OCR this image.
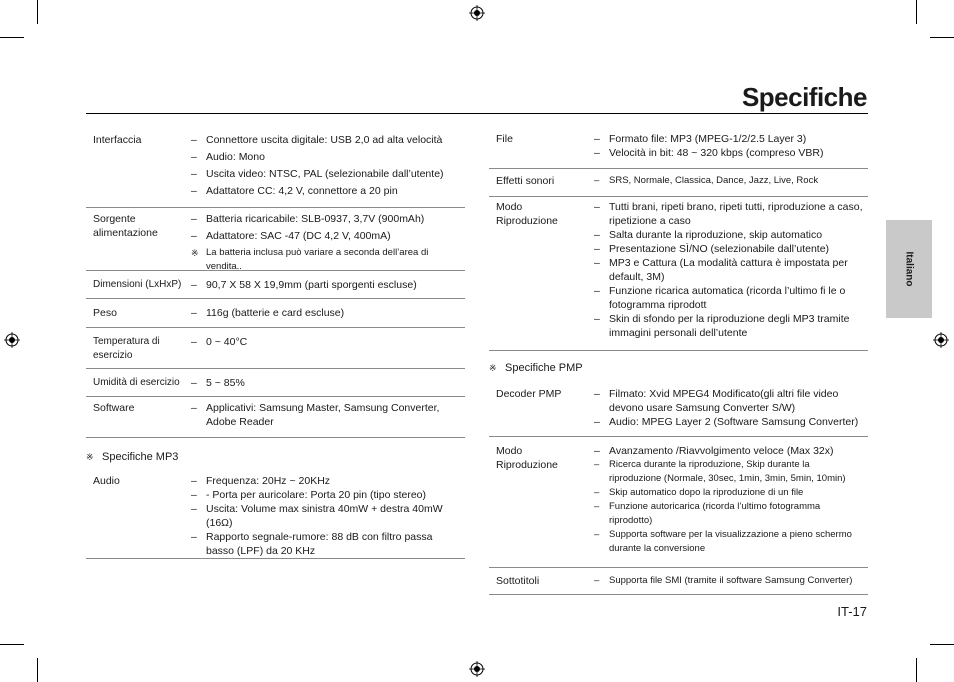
Specifiche
Italiano
Interfaccia	– Connettore uscita digitale: USB 2,0 ad alta velocità
– Audio: Mono
– Uscita video: NTSC, PAL (selezionabile dall’utente)
– Adattatore CC: 4,2 V, connettore a 20 pin
Sorgente alimentazione
– Batteria ricaricabile: SLB-0937, 3,7V (900mAh)
– Adattatore: SAC -47 (DC 4,2 V, 400mA)
※ La batteria inclusa può variare a seconda dell’area di vendita..
Dimensioni (LxHxP)	– 90,7 X 58 X 19,9mm (parti sporgenti escluse)
Peso	– 116g (batterie e card escluse)
Temperatura di esercizio
– 0 ~ 40°C
Umidità di esercizio	– 5 ~ 85%
Software	– Applicativi: Samsung Master, Samsung Converter, Adobe Reader
※ Specifiche MP3
Audio	– Frequenza: 20Hz ~ 20KHz
– - Porta per auricolare: Porta 20 pin (tipo stereo)
– Uscita: Volume max sinistra 40mW + destra 40mW (16Ω)
– Rapporto segnale-rumore: 88 dB con filtro passa basso (LPF) da 20 KHz
File	– Formato file: MP3 (MPEG-1/2/2.5 Layer 3)
– Velocità in bit: 48 ~ 320 kbps (compreso VBR)
Effetti sonori	– SRS, Normale, Classica, Dance, Jazz, Live, Rock
Modo Riproduzione
– Tutti brani, ripeti brano, ripeti tutti, riproduzione a caso, ripetizione a caso
– Salta durante la riproduzione, skip automatico
– Presentazione SÌ/NO (selezionabile dall’utente)
– MP3 e Cattura (La modalità cattura è impostata per default, 3M)
– Funzione ricarica automatica (ricorda l’ultimo fi le o fotogramma riprodott
– Skin di sfondo per la riproduzione degli MP3 tramite immagini personali dell’utente
※ Specifiche PMP
Decoder PMP	– Filmato: Xvid MPEG4 Modificato(gli altri file video devono usare Samsung Converter S/W)
– Audio: MPEG Layer 2 (Software Samsung Converter)
Modo Riproduzione
– Avanzamento /Riavvolgimento veloce (Max 32x)
– Ricerca durante la riproduzione, Skip durante la riproduzione (Normale, 30sec, 1min, 3min, 5min, 10min)
– Skip automatico dopo la riproduzione di un file
– Funzione autoricarica (ricorda l’ultimo fotogramma riprodotto)
– Supporta software per la visualizzazione a pieno schermo durante la conversione
Sottotitoli	– Supporta file SMI (tramite il software Samsung Converter)
IT-17
